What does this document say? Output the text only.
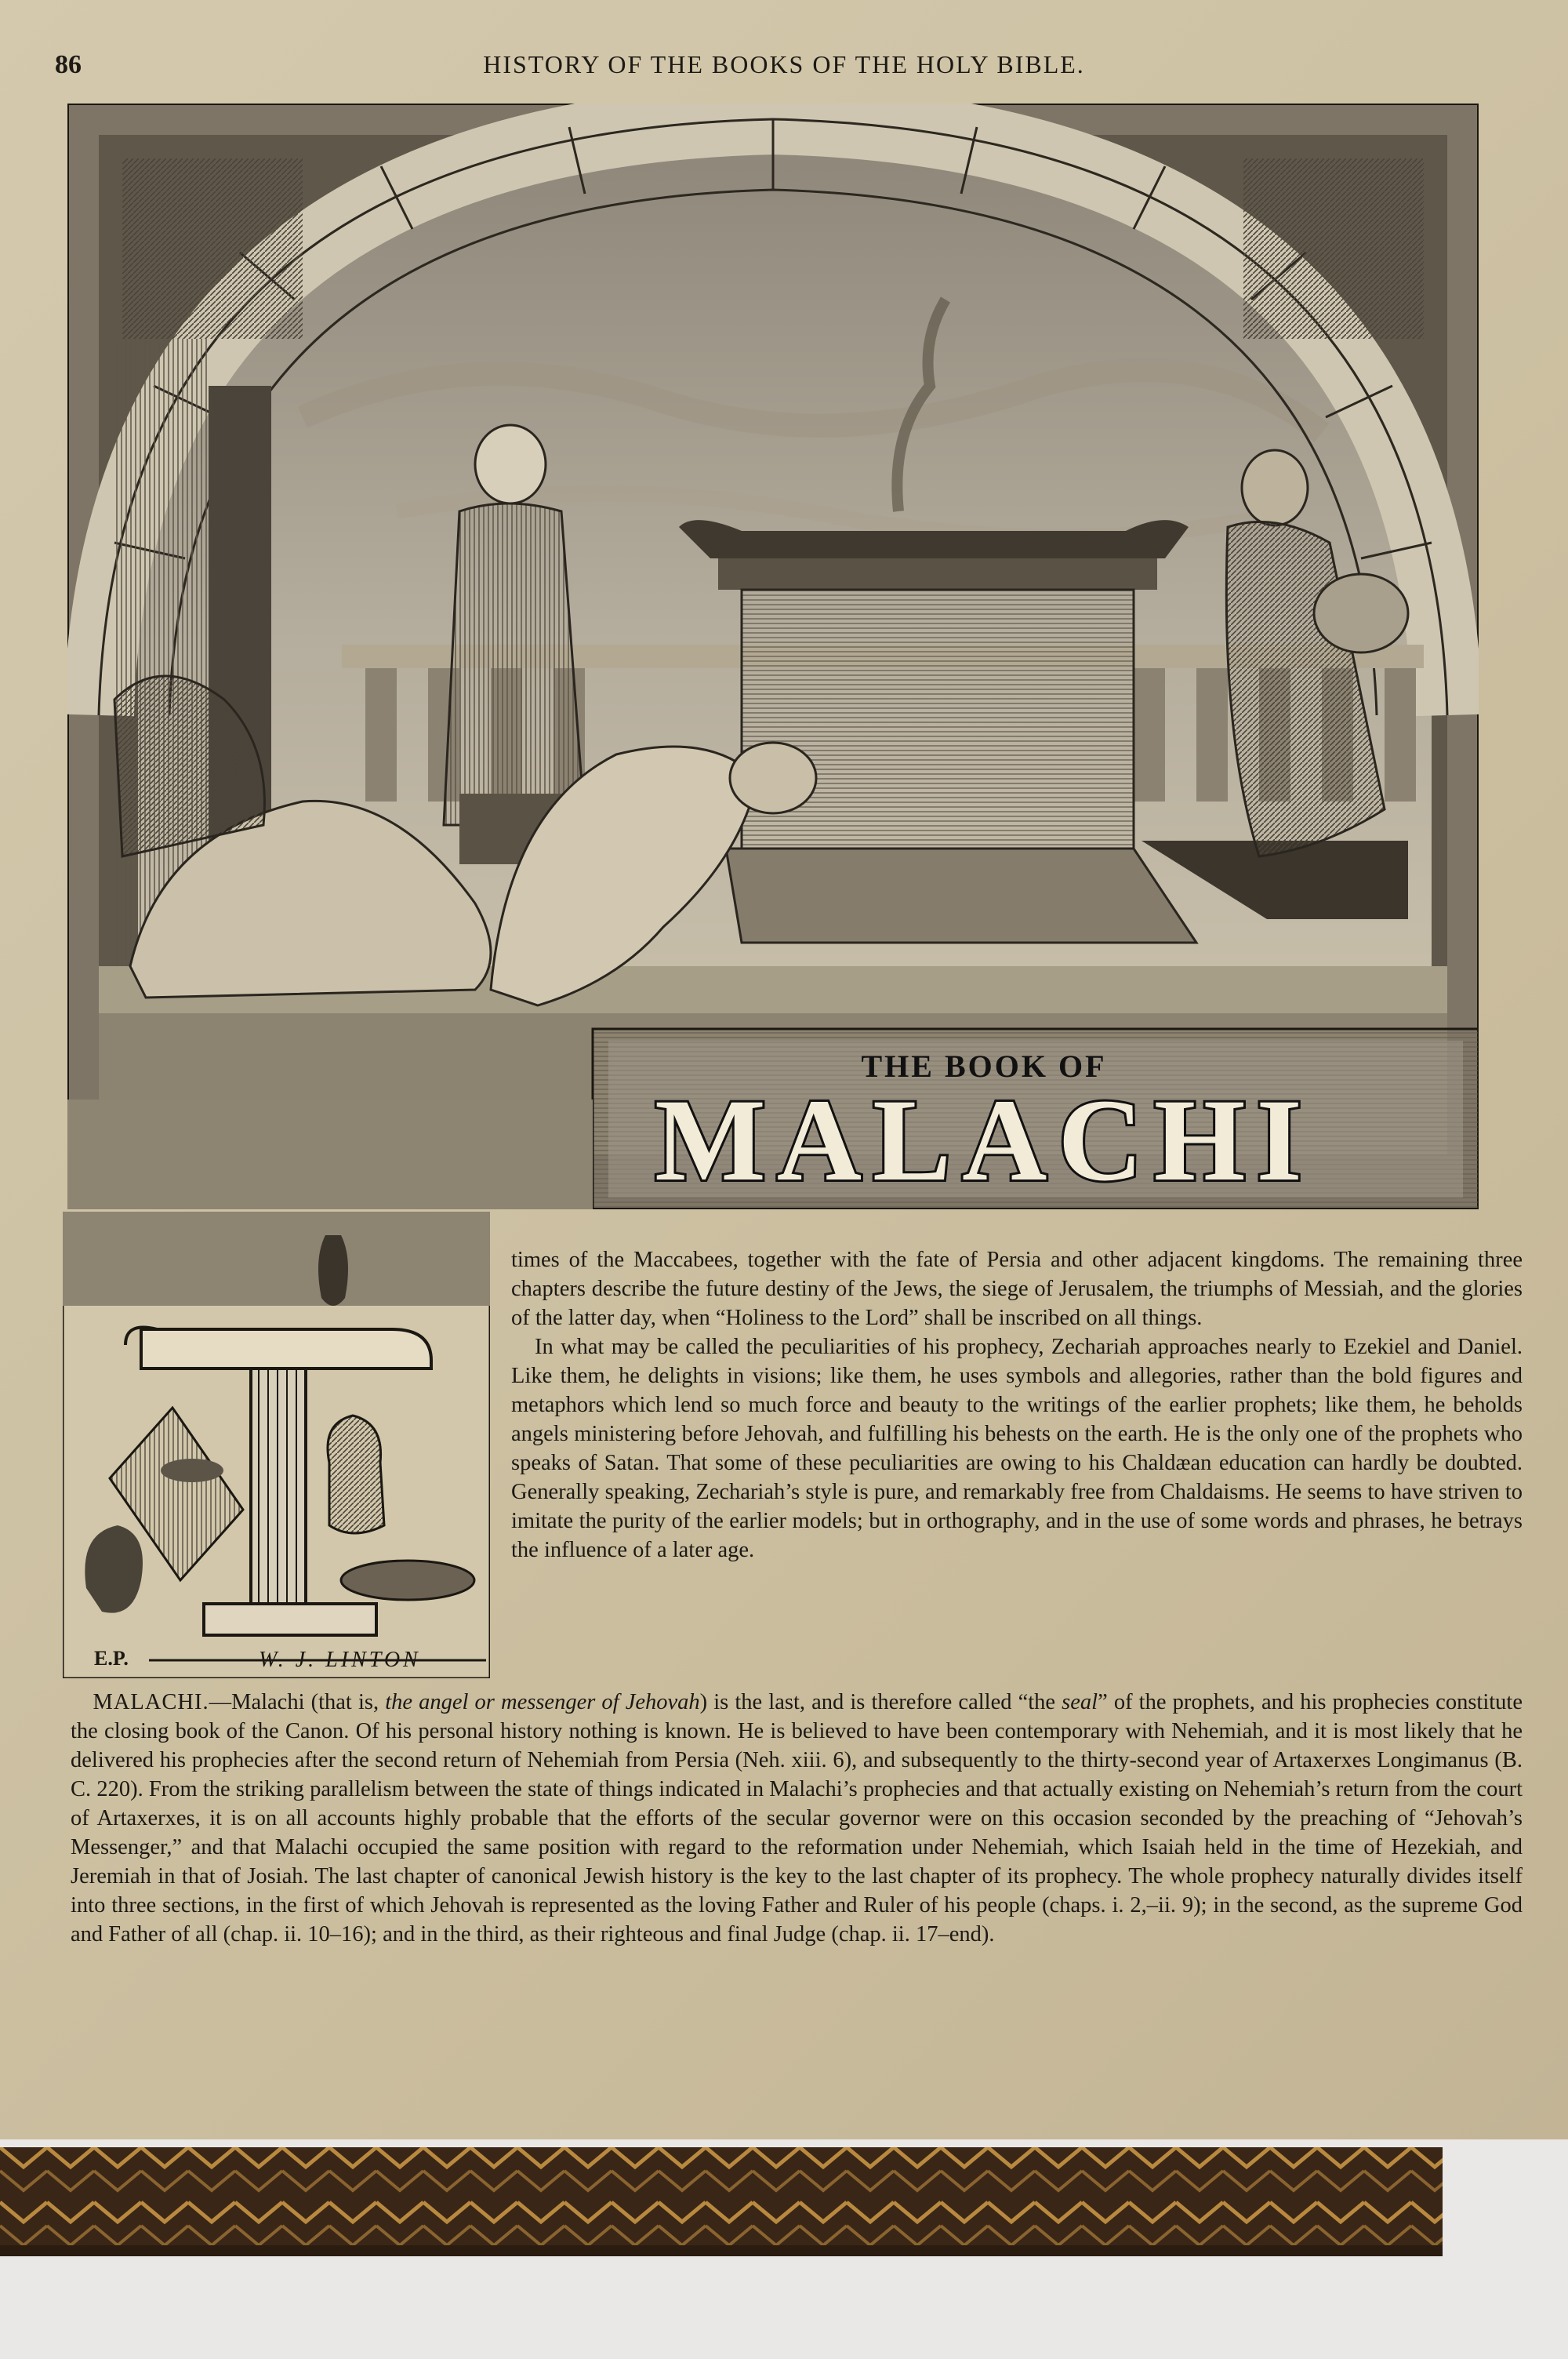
86	HISTORY OF THE BOOKS OF THE HOLY BIBLE.
THE BOOK OF
MALACHI
E.P.	W. J. LINTON

times of the Maccabees, together with the fate of Persia and other adjacent kingdoms. The remaining three chapters describe the future destiny of the Jews, the siege of Jerusalem, the triumphs of Messiah, and the glories of the latter day, when “Holiness to the Lord” shall be inscribed on all things.

In what may be called the peculiarities of his prophecy, Zechariah approaches nearly to Ezekiel and Daniel. Like them, he delights in visions; like them, he uses symbols and allegories, rather than the bold figures and metaphors which lend so much force and beauty to the writings of the earlier prophets; like them, he beholds angels ministering before Jehovah, and fulfilling his behests on the earth. He is the only one of the prophets who speaks of Satan. That some of these peculiarities are owing to his Chaldæan education can hardly be doubted. Generally speaking, Zechariah’s style is pure, and remarkably free from Chaldaisms. He seems to have striven to imitate the purity of the earlier models; but in orthography, and in the use of some words and phrases, he betrays the influence of a later age.

 MALACHI.—Malachi (that is, the angel or messenger of Jehovah) is the last, and is therefore called “the seal” of the prophets, and his prophecies constitute the closing book of the Canon. Of his personal history nothing is known. He is believed to have been contemporary with Nehemiah, and it is most likely that he delivered his prophecies after the second return of Nehemiah from Persia (Neh. xiii. 6), and subsequently to the thirty-second year of Artaxerxes Longimanus (B. C. 220). From the striking parallelism between the state of things indicated in Malachi’s prophecies and that actually existing on Nehemiah’s return from the court of Artaxerxes, it is on all accounts highly probable that the efforts of the secular governor were on this occasion seconded by the preaching of “Jehovah’s Messenger,” and that Malachi occupied the same position with regard to the reformation under Nehemiah, which Isaiah held in the time of Hezekiah, and Jeremiah in that of Josiah. The last chapter of canonical Jewish history is the key to the last chapter of its prophecy. The whole prophecy naturally divides itself into three sections, in the first of which Jehovah is represented as the loving Father and Ruler of his people (chaps. i. 2,–ii. 9); in the second, as the supreme God and Father of all (chap. ii. 10–16); and in the third, as their righteous and final Judge (chap. ii. 17–end).
